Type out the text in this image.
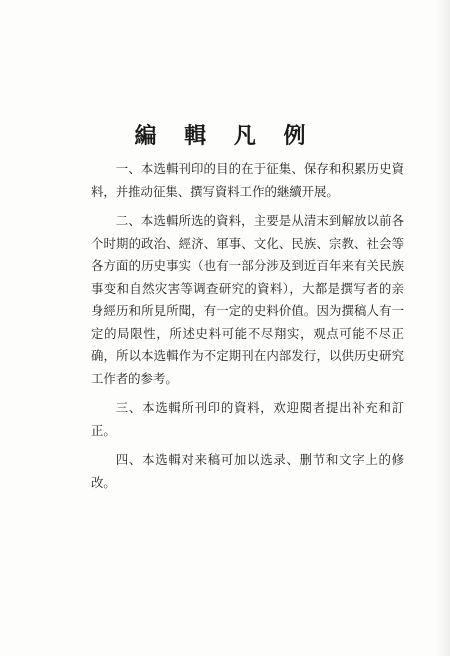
編 輯 凡 例

一、本选輯刊印的目的在于征集、保存和积累历史資料，并推动征集、撰写資料工作的継續开展。

二、本选輯所选的資料，主要是从清末到解放以前各个时期的政治、經济、軍事、文化、民族、宗教、社会等各方面的历史事实（也有一部分涉及到近百年来有关民族事变和自然灾害等调查研究的資料），大都是撰写者的亲身經历和所見所聞，有一定的史料价值。因为撰稿人有一定的局限性，所述史料可能不尽翔实，观点可能不尽正确，所以本选輯作为不定期刊在内部发行，以供历史研究工作者的参考。

三、本选輯所刊印的資料，欢迎閱者提出补充和訂正。

四、本选輯对来稿可加以选录、删节和文字上的修改。
